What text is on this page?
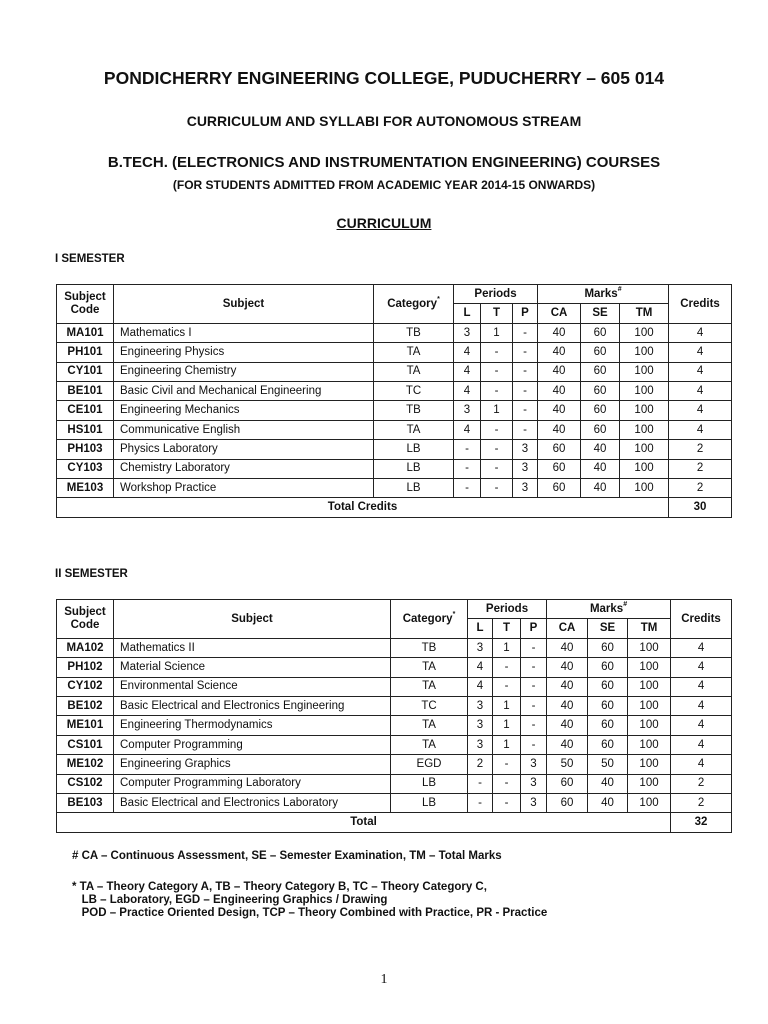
PONDICHERRY ENGINEERING COLLEGE, PUDUCHERRY – 605 014
CURRICULUM AND SYLLABI FOR AUTONOMOUS STREAM
B.TECH. (ELECTRONICS AND INSTRUMENTATION ENGINEERING) COURSES
(FOR STUDENTS ADMITTED FROM ACADEMIC YEAR 2014-15 ONWARDS)
CURRICULUM
I SEMESTER
Subject Code	Subject	Category*	Periods			Marks#			Credits
			L	T	P	CA	SE	TM	
MA101	Mathematics I	TB	3	1	-	40	60	100	4
PH101	Engineering Physics	TA	4	-	-	40	60	100	4
CY101	Engineering Chemistry	TA	4	-	-	40	60	100	4
BE101	Basic Civil and Mechanical Engineering	TC	4	-	-	40	60	100	4
CE101	Engineering Mechanics	TB	3	1	-	40	60	100	4
HS101	Communicative English	TA	4	-	-	40	60	100	4
PH103	Physics Laboratory	LB	-	-	3	60	40	100	2
CY103	Chemistry Laboratory	LB	-	-	3	60	40	100	2
ME103	Workshop Practice	LB	-	-	3	60	40	100	2
Total Credits									30
II SEMESTER
Subject Code	Subject	Category*	Periods			Marks#			Credits
			L	T	P	CA	SE	TM	
MA102	Mathematics II	TB	3	1	-	40	60	100	4
PH102	Material Science	TA	4	-	-	40	60	100	4
CY102	Environmental Science	TA	4	-	-	40	60	100	4
BE102	Basic Electrical and Electronics Engineering	TC	3	1	-	40	60	100	4
ME101	Engineering Thermodynamics	TA	3	1	-	40	60	100	4
CS101	Computer Programming	TA	3	1	-	40	60	100	4
ME102	Engineering Graphics	EGD	2	-	3	50	50	100	4
CS102	Computer Programming Laboratory	LB	-	-	3	60	40	100	2
BE103	Basic Electrical and Electronics Laboratory	LB	-	-	3	60	40	100	2
Total									32
# CA – Continuous Assessment, SE – Semester Examination, TM – Total Marks
* TA – Theory Category A, TB – Theory Category B, TC – Theory Category C,
LB – Laboratory, EGD – Engineering Graphics / Drawing
POD – Practice Oriented Design, TCP – Theory Combined with Practice, PR - Practice
1
